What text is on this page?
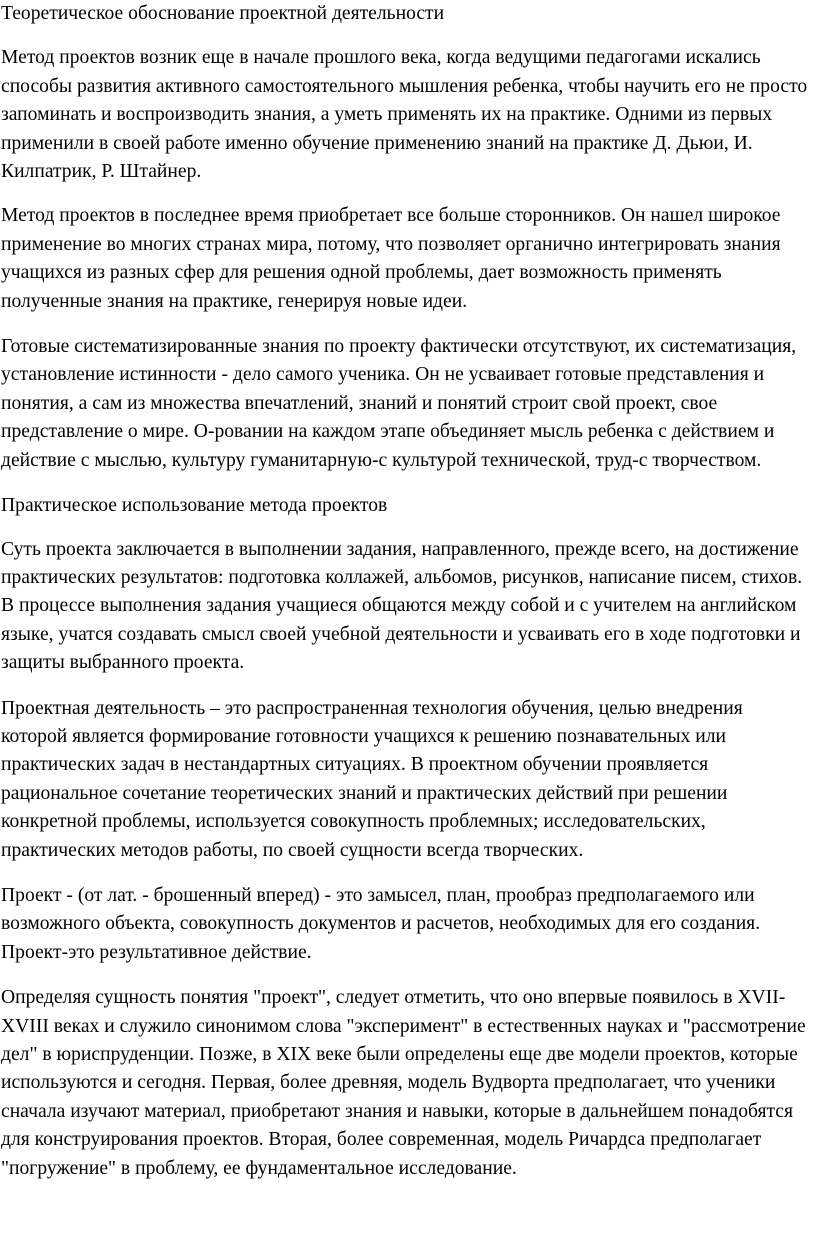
Теоретическое обоснование проектной деятельности

Метод проектов возник еще в начале прошлого века, когда ведущими педагогами искались способы развития активного самостоятельного мышления ребенка, чтобы научить его не просто запоминать и воспроизводить знания, а уметь применять их на практике. Одними из первых применили в своей работе именно обучение применению знаний на практике Д. Дьюи, И. Килпатрик, Р. Штайнер.

Метод проектов в последнее время приобретает все больше сторонников. Он нашел широкое применение во многих странах мира, потому, что позволяет органично интегрировать знания учащихся из разных сфер для решения одной проблемы, дает возможность применять полученные знания на практике, генерируя новые идеи.

Готовые систематизированные знания по проекту фактически отсутствуют, их систематизация, установление истинности - дело самого ученика. Он не усваивает готовые представления и понятия, а сам из множества впечатлений, знаний и понятий строит свой проект, свое представление о мире. О-ровании на каждом этапе объединяет мысль ребенка с действием и действие с мыслью, культуру гуманитарную-с культурой технической, труд-с творчеством.

Практическое использование метода проектов

Суть проекта заключается в выполнении задания, направленного, прежде всего, на достижение практических результатов: подготовка коллажей, альбомов, рисунков, написание писем, стихов. В процессе выполнения задания учащиеся общаются между собой и с учителем на английском языке, учатся создавать смысл своей учебной деятельности и усваивать его в ходе подготовки и защиты выбранного проекта.

Проектная деятельность – это распространенная технология обучения, целью внедрения которой является формирование готовности учащихся к решению познавательных или практических задач в нестандартных ситуациях. В проектном обучении проявляется рациональное сочетание теоретических знаний и практических действий при решении конкретной проблемы, используется совокупность проблемных; исследовательских, практических методов работы, по своей сущности всегда творческих.

Проект - (от лат. - брошенный вперед) - это замысел, план, прообраз предполагаемого или возможного объекта, совокупность документов и расчетов, необходимых для его создания. Проект-это результативное действие.

Определяя сущность понятия "проект", следует отметить, что оно впервые появилось в XVII-XVIII веках и служило синонимом слова "эксперимент" в естественных науках и "рассмотрение дел" в юриспруденции. Позже, в XIX веке были определены еще две модели проектов, которые используются и сегодня. Первая, более древняя, модель Вудворта предполагает, что ученики сначала изучают материал, приобретают знания и навыки, которые в дальнейшем понадобятся для конструирования проектов. Вторая, более современная, модель Ричардса предполагает "погружение" в проблему, ее фундаментальное исследование.
